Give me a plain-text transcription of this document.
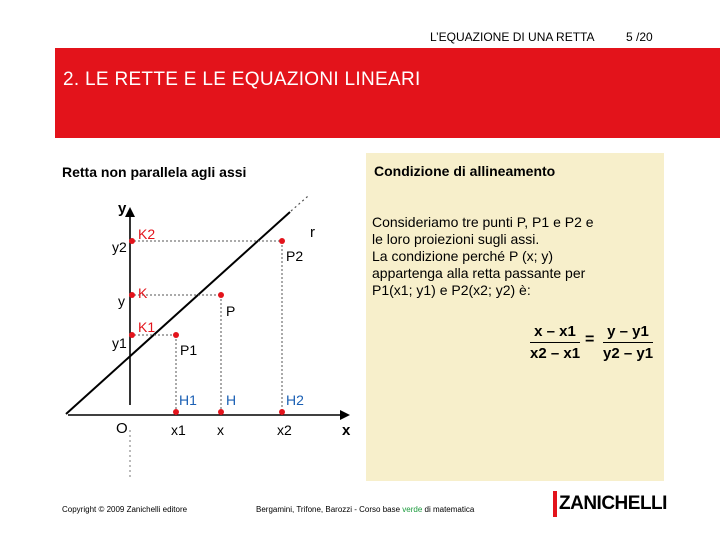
L’EQUAZIONE DI UNA RETTA	5 /20
2. LE RETTE E LE EQUAZIONI LINEARI
Retta non parallela agli assi
y
x
O
r
y2
y
y1
x1 x	x2
K2
K
K1
H1 H	H2
P2
P
P1
Condizione di allineamento
Consideriamo tre punti P, P1 e P2 e
le loro proiezioni sugli assi.
La condizione perché P (x; y)
appartenga alla retta passante per
P1(x1; y1) e P2(x2; y2) è:
x – x1
x2 – x1
= y – y1
y2 – y1
Copyright © 2009 Zanichelli editore	Bergamini, Trifone, Barozzi - Corso base verde di matematica	ZANICHELLI
